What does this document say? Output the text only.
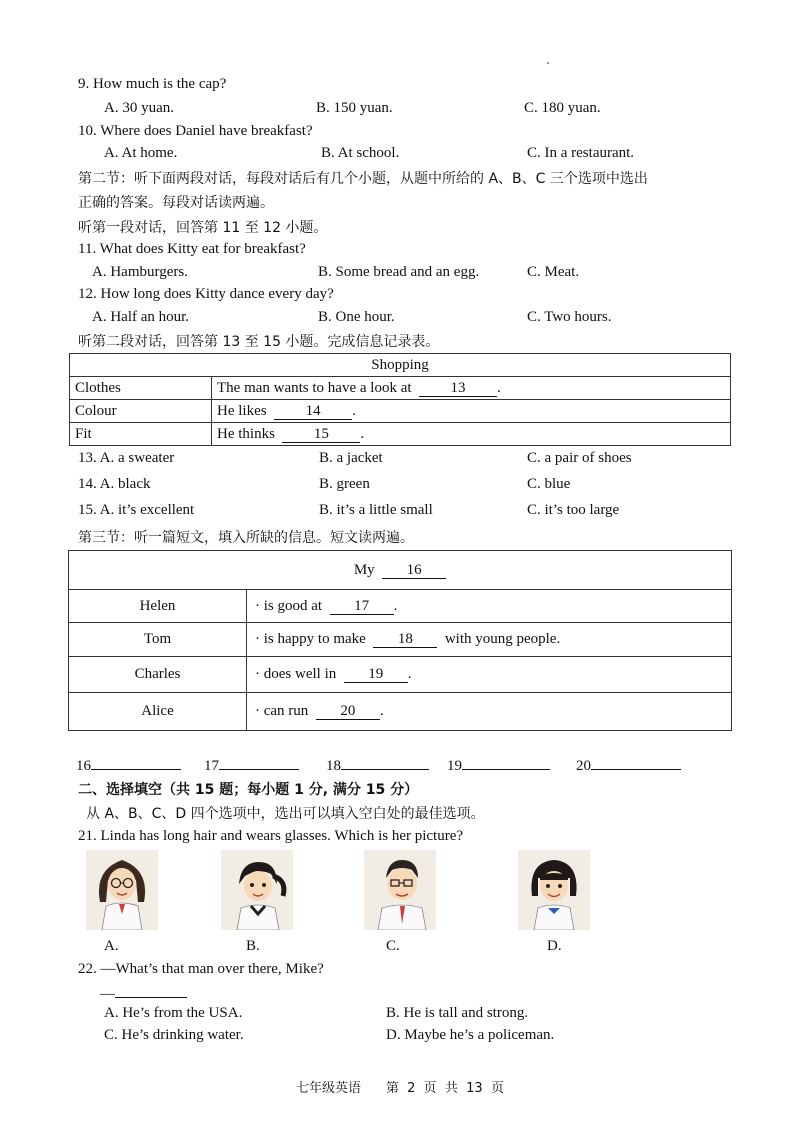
9. How much is the cap?
A. 30 yuan.	B. 150 yuan.	C. 180 yuan.
10. Where does Daniel have breakfast?
A. At home.	B. At school.	C. In a restaurant.
第二节：听下面两段对话，每段对话后有几个小题，从题中所给的 A、B、C 三个选项中选出
正确的答案。每段对话读两遍。
听第一段对话，回答第 11 至 12 小题。
11. What does Kitty eat for breakfast?
A. Hamburgers.	B. Some bread and an egg.	C. Meat.
12. How long does Kitty dance every day?
A. Half an hour.	B. One hour.	C. Two hours.
听第二段对话，回答第 13 至 15 小题。完成信息记录表。
Shopping	
Clothes	The man wants to have a look at 13 .
Colour	He likes 14 .
Fit	He thinks 15 .
13. A. a sweater	B. a jacket	C. a pair of shoes
14. A. black	B. green	C. blue
15. A. it’s excellent	B. it’s a little small	C. it’s too large
第三节：听一篇短文，填入所缺的信息。短文读两遍。
My 16	
Helen	· is good at 17 .
Tom	· is happy to make 18 with young people.
Charles	· does well in 19 .
Alice	· can run 20 .
16	17	18	19	20
二、选择填空（共 15 题；每小题 1 分, 满分 15 分）
从 A、B、C、D 四个选项中，选出可以填入空白处的最佳选项。
21. Linda has long hair and wears glasses. Which is her picture?
A.	B.	C.	D.
22. —What’s that man over there, Mike?
—
A. He’s from the USA.	B. He is tall and strong.
C. He’s drinking water.	D. Maybe he’s a policeman.
七年级英语      第  2  页  共  13  页
